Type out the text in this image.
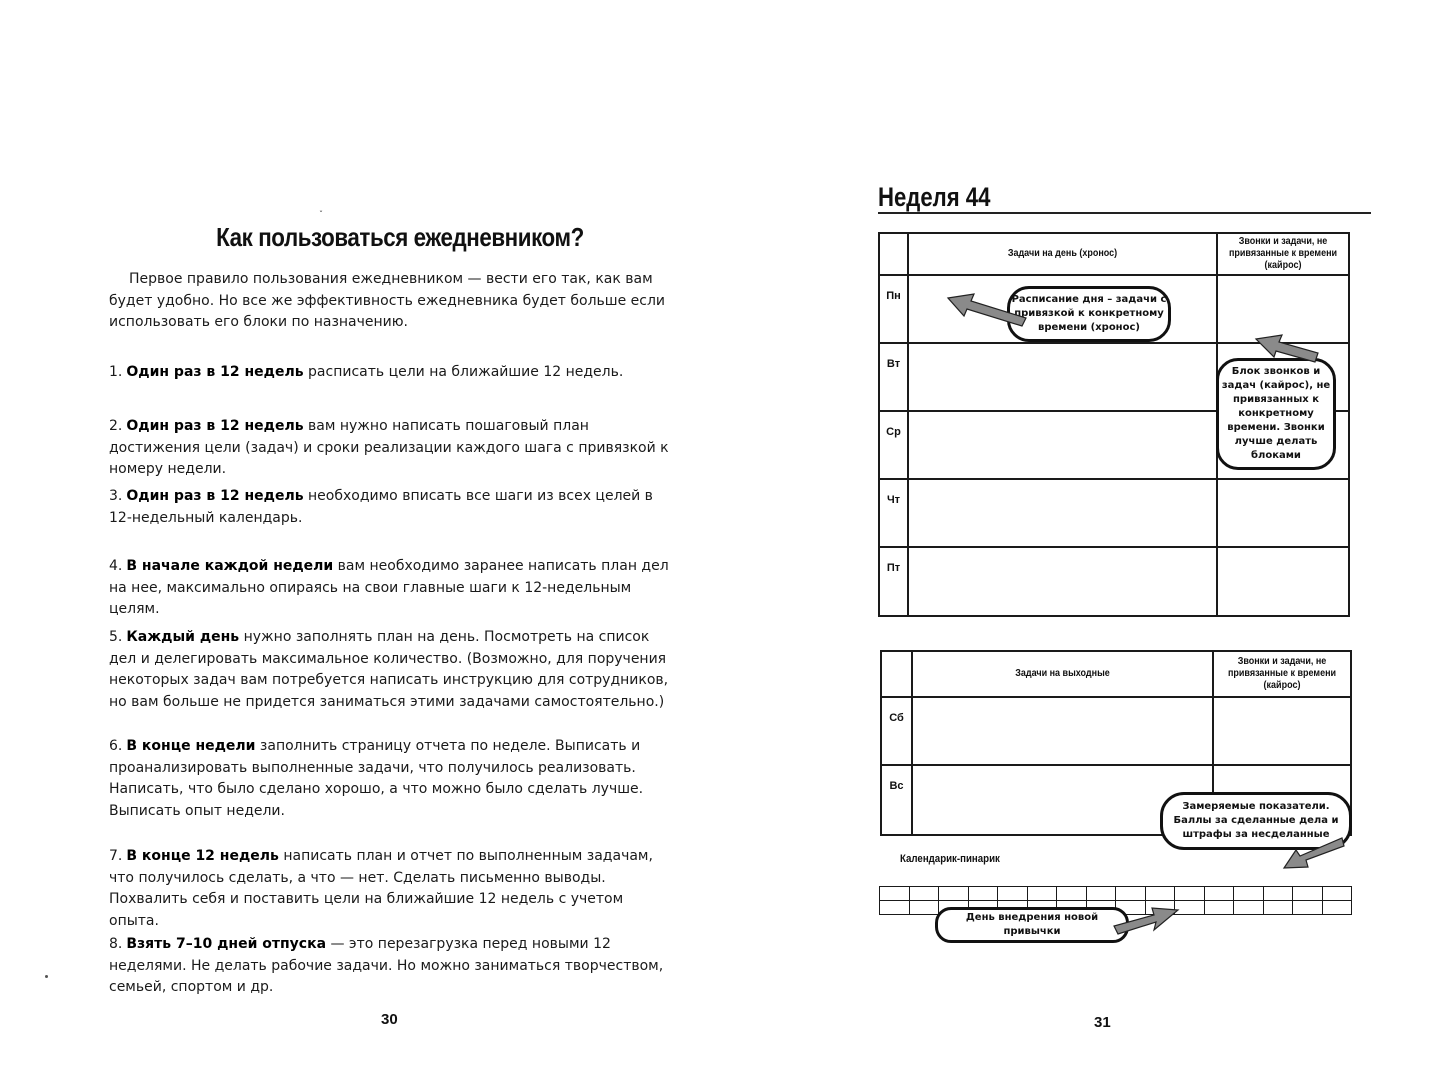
ˇ
Как пользоваться ежедневником?

Первое правило пользования ежедневником — вести его так, как вам будет удобно. Но все же эффективность ежедневника будет больше если использовать его блоки по назначению.

1. Один раз в 12 недель расписать цели на ближайшие 12 недель.

2. Один раз в 12 недель вам нужно написать пошаговый план достижения цели (задач) и сроки реализации каждого шага с привязкой к номеру недели.

3. Один раз в 12 недель необходимо вписать все шаги из всех целей в 12-недельный календарь.

4. В начале каждой недели вам необходимо заранее написать план дел на нее, максимально опираясь на свои главные шаги к 12-недельным целям.

5. Каждый день нужно заполнять план на день. Посмотреть на список дел и делегировать максимальное количество. (Возможно, для поручения некоторых задач вам потребуется написать инструкцию для сотрудников, но вам больше не придется заниматься этими задачами самостоятельно.)

6. В конце недели заполнить страницу отчета по неделе. Выписать и проанализировать выполненные задачи, что получилось реализовать. Написать, что было сделано хорошо, а что можно было сделать лучше. Выписать опыт недели.

7. В конце 12 недель написать план и отчет по выполненным задачам, что получилось сделать, а что — нет. Сделать письменно выводы. Похвалить себя и поставить цели на ближайшие 12 недель с учетом опыта.

8. Взять 7–10 дней отпуска — это перезагрузка перед новыми 12 неделями. Не делать рабочие задачи. Но можно заниматься творчеством, семьей, спортом и др.

30
Неделя 44
	Задачи на день (хронос)	Звонки и задачи, не привязанные к времени (кайрос)
Пн		
Вт		
Ср		
Чт		
Пт		
Расписание дня – задачи с привязкой к конкретному времени (хронос)
Блок звонков и задач (кайрос), не привязанных к конкретному времени. Звонки лучше делать блоками
	Задачи на выходные	Звонки и задачи, не привязанные к времени (кайрос)
Сб		
Вс		
Замеряемые показатели. Баллы за сделанные дела и штрафы за несделанные
Календарик-пинарик

День внедрения новой привычки
31
